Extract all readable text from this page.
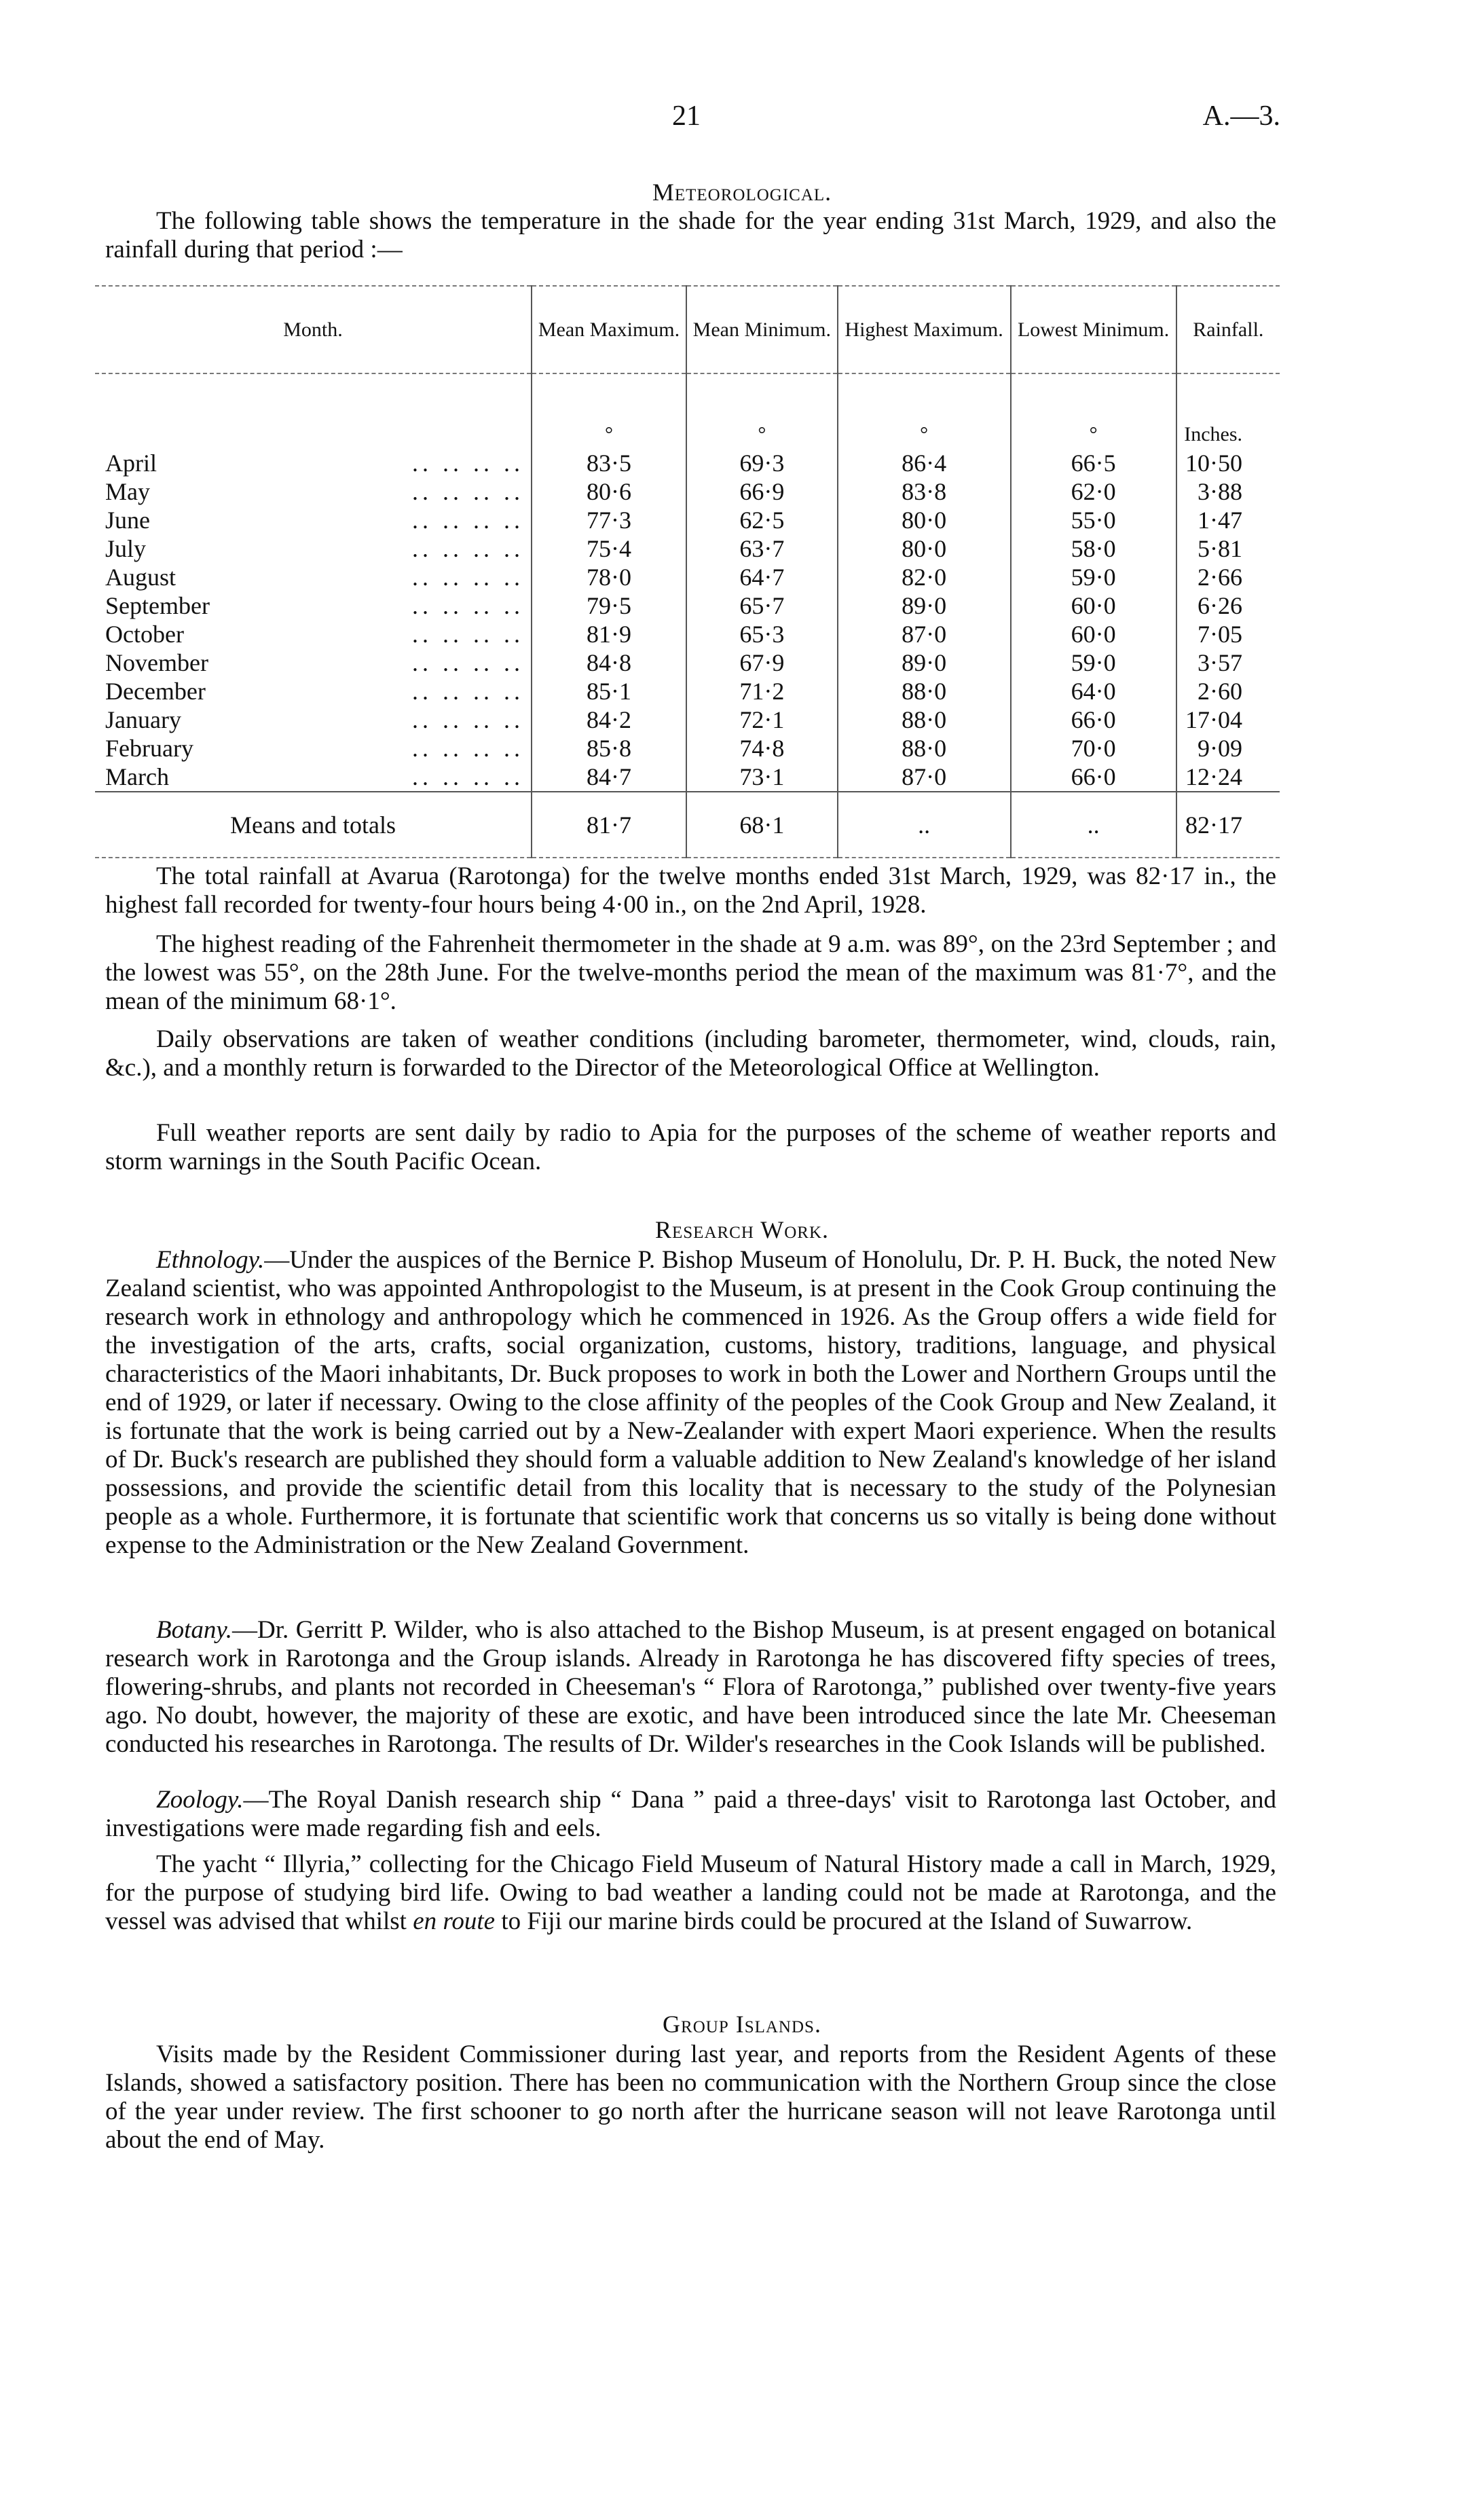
21	A.—3.
Meteorological.
The following table shows the temperature in the shade for the year ending 31st March, 1929, and also the rainfall during that period :—
Month.	Mean Maximum.	Mean Minimum.	Highest Maximum.	Lowest Minimum.	Rainfall.
	°	°	°	°	Inches.
April .. .. .. ..	83·5	69·3	86·4	66·5	10·50
May .. .. .. ..	80·6	66·9	83·8	62·0	3·88
June .. .. .. ..	77·3	62·5	80·0	55·0	1·47
July .. .. .. ..	75·4	63·7	80·0	58·0	5·81
August .. .. .. ..	78·0	64·7	82·0	59·0	2·66
September .. .. .. ..	79·5	65·7	89·0	60·0	6·26
October .. .. .. ..	81·9	65·3	87·0	60·0	7·05
November .. .. .. ..	84·8	67·9	89·0	59·0	3·57
December .. .. .. ..	85·1	71·2	88·0	64·0	2·60
January .. .. .. ..	84·2	72·1	88·0	66·0	17·04
February .. .. .. ..	85·8	74·8	88·0	70·0	9·09
March .. .. .. ..	84·7	73·1	87·0	66·0	12·24
Means and totals	81·7	68·1	..	..	82·17
The total rainfall at Avarua (Rarotonga) for the twelve months ended 31st March, 1929, was 82·17 in., the highest fall recorded for twenty-four hours being 4·00 in., on the 2nd April, 1928.
The highest reading of the Fahrenheit thermometer in the shade at 9 a.m. was 89°, on the 23rd September ; and the lowest was 55°, on the 28th June. For the twelve-months period the mean of the maximum was 81·7°, and the mean of the minimum 68·1°.
Daily observations are taken of weather conditions (including barometer, thermometer, wind, clouds, rain, &c.), and a monthly return is forwarded to the Director of the Meteorological Office at Wellington.
Full weather reports are sent daily by radio to Apia for the purposes of the scheme of weather reports and storm warnings in the South Pacific Ocean.
Research Work.
Ethnology.—Under the auspices of the Bernice P. Bishop Museum of Honolulu, Dr. P. H. Buck, the noted New Zealand scientist, who was appointed Anthropologist to the Museum, is at present in the Cook Group continuing the research work in ethnology and anthropology which he commenced in 1926. As the Group offers a wide field for the investigation of the arts, crafts, social organization, customs, history, traditions, language, and physical characteristics of the Maori inhabitants, Dr. Buck proposes to work in both the Lower and Northern Groups until the end of 1929, or later if necessary. Owing to the close affinity of the peoples of the Cook Group and New Zealand, it is fortunate that the work is being carried out by a New-Zealander with expert Maori experience. When the results of Dr. Buck's research are published they should form a valuable addition to New Zealand's knowledge of her island possessions, and provide the scientific detail from this locality that is necessary to the study of the Polynesian people as a whole. Furthermore, it is fortunate that scientific work that concerns us so vitally is being done without expense to the Administration or the New Zealand Government.
Botany.—Dr. Gerritt P. Wilder, who is also attached to the Bishop Museum, is at present engaged on botanical research work in Rarotonga and the Group islands. Already in Rarotonga he has discovered fifty species of trees, flowering-shrubs, and plants not recorded in Cheeseman's “ Flora of Rarotonga,” published over twenty-five years ago. No doubt, however, the majority of these are exotic, and have been introduced since the late Mr. Cheeseman conducted his researches in Rarotonga. The results of Dr. Wilder's researches in the Cook Islands will be published.
Zoology.—The Royal Danish research ship “ Dana ” paid a three-days' visit to Rarotonga last October, and investigations were made regarding fish and eels.
The yacht “ Illyria,” collecting for the Chicago Field Museum of Natural History made a call in March, 1929, for the purpose of studying bird life. Owing to bad weather a landing could not be made at Rarotonga, and the vessel was advised that whilst en route to Fiji our marine birds could be procured at the Island of Suwarrow.
Group Islands.
Visits made by the Resident Commissioner during last year, and reports from the Resident Agents of these Islands, showed a satisfactory position. There has been no communication with the Northern Group since the close of the year under review. The first schooner to go north after the hurricane season will not leave Rarotonga until about the end of May.
